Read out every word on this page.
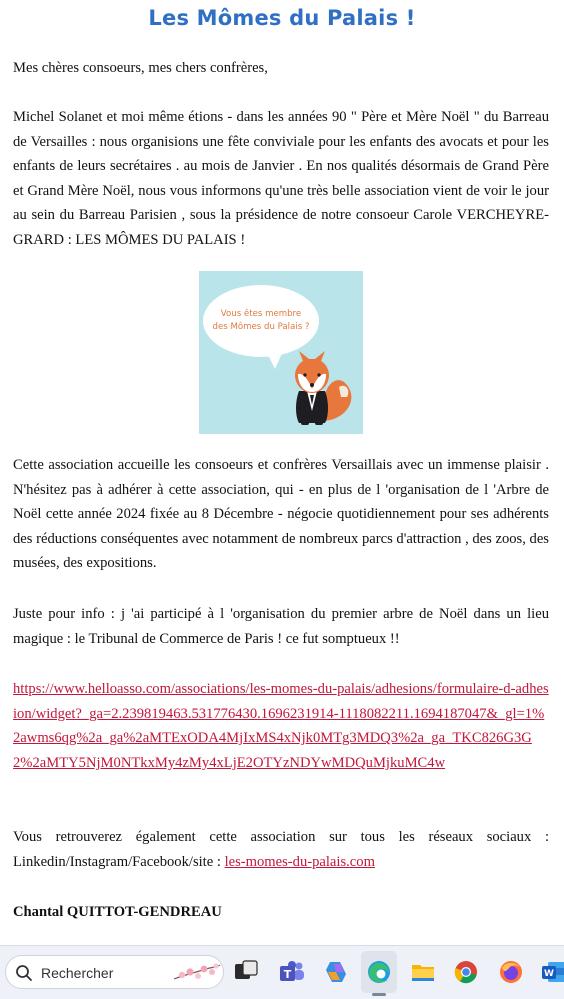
Les Mômes du Palais !

Mes chères consoeurs, mes chers confrères,

Michel Solanet et moi même étions - dans les années 90 " Père et Mère Noël " du Barreau de Versailles : nous organisions une fête conviviale pour les enfants des avocats et pour les enfants de leurs secrétaires . au mois de Janvier . En nos qualités désormais de Grand Père et Grand Mère Noël, nous vous informons qu'une très belle association vient de voir le jour au sein du Barreau Parisien , sous la présidence de notre consoeur Carole VERCHEYRE-GRARD : LES MÔMES DU PALAIS !

Vous êtes membre
des Mômes du Palais ?

Cette association accueille les consoeurs et confrères Versaillais avec un immense plaisir . N'hésitez pas à adhérer à cette association, qui - en plus de l 'organisation de l 'Arbre de Noël cette année 2024 fixée au 8 Décembre - négocie quotidiennement pour ses adhérents des réductions conséquentes avec notamment de nombreux parcs d'attraction , des zoos, des musées, des expositions.

Juste pour info : j 'ai participé à l 'organisation du premier arbre de Noël dans un lieu magique : le Tribunal de Commerce de Paris ! ce fut somptueux !!

https://www.helloasso.com/associations/les-momes-du-palais/adhesions/formulaire-d-adhesion/widget?_ga=2.239819463.531776430.1696231914-1118082211.1694187047&_gl=1%2awms6qg%2a_ga%2aMTExODA4MjIxMS4xNjk0MTg3MDQ3%2a_ga_TKC826G3G2%2aMTY5NjM0NTkxMy4zMy4xLjE2OTYzNDYwMDQuMjkuMC4w

Vous retrouverez également cette association sur tous les réseaux sociaux : Linkedin/Instagram/Facebook/site : les-momes-du-palais.com

Chantal QUITTOT-GENDREAU

Rechercher	T	W
